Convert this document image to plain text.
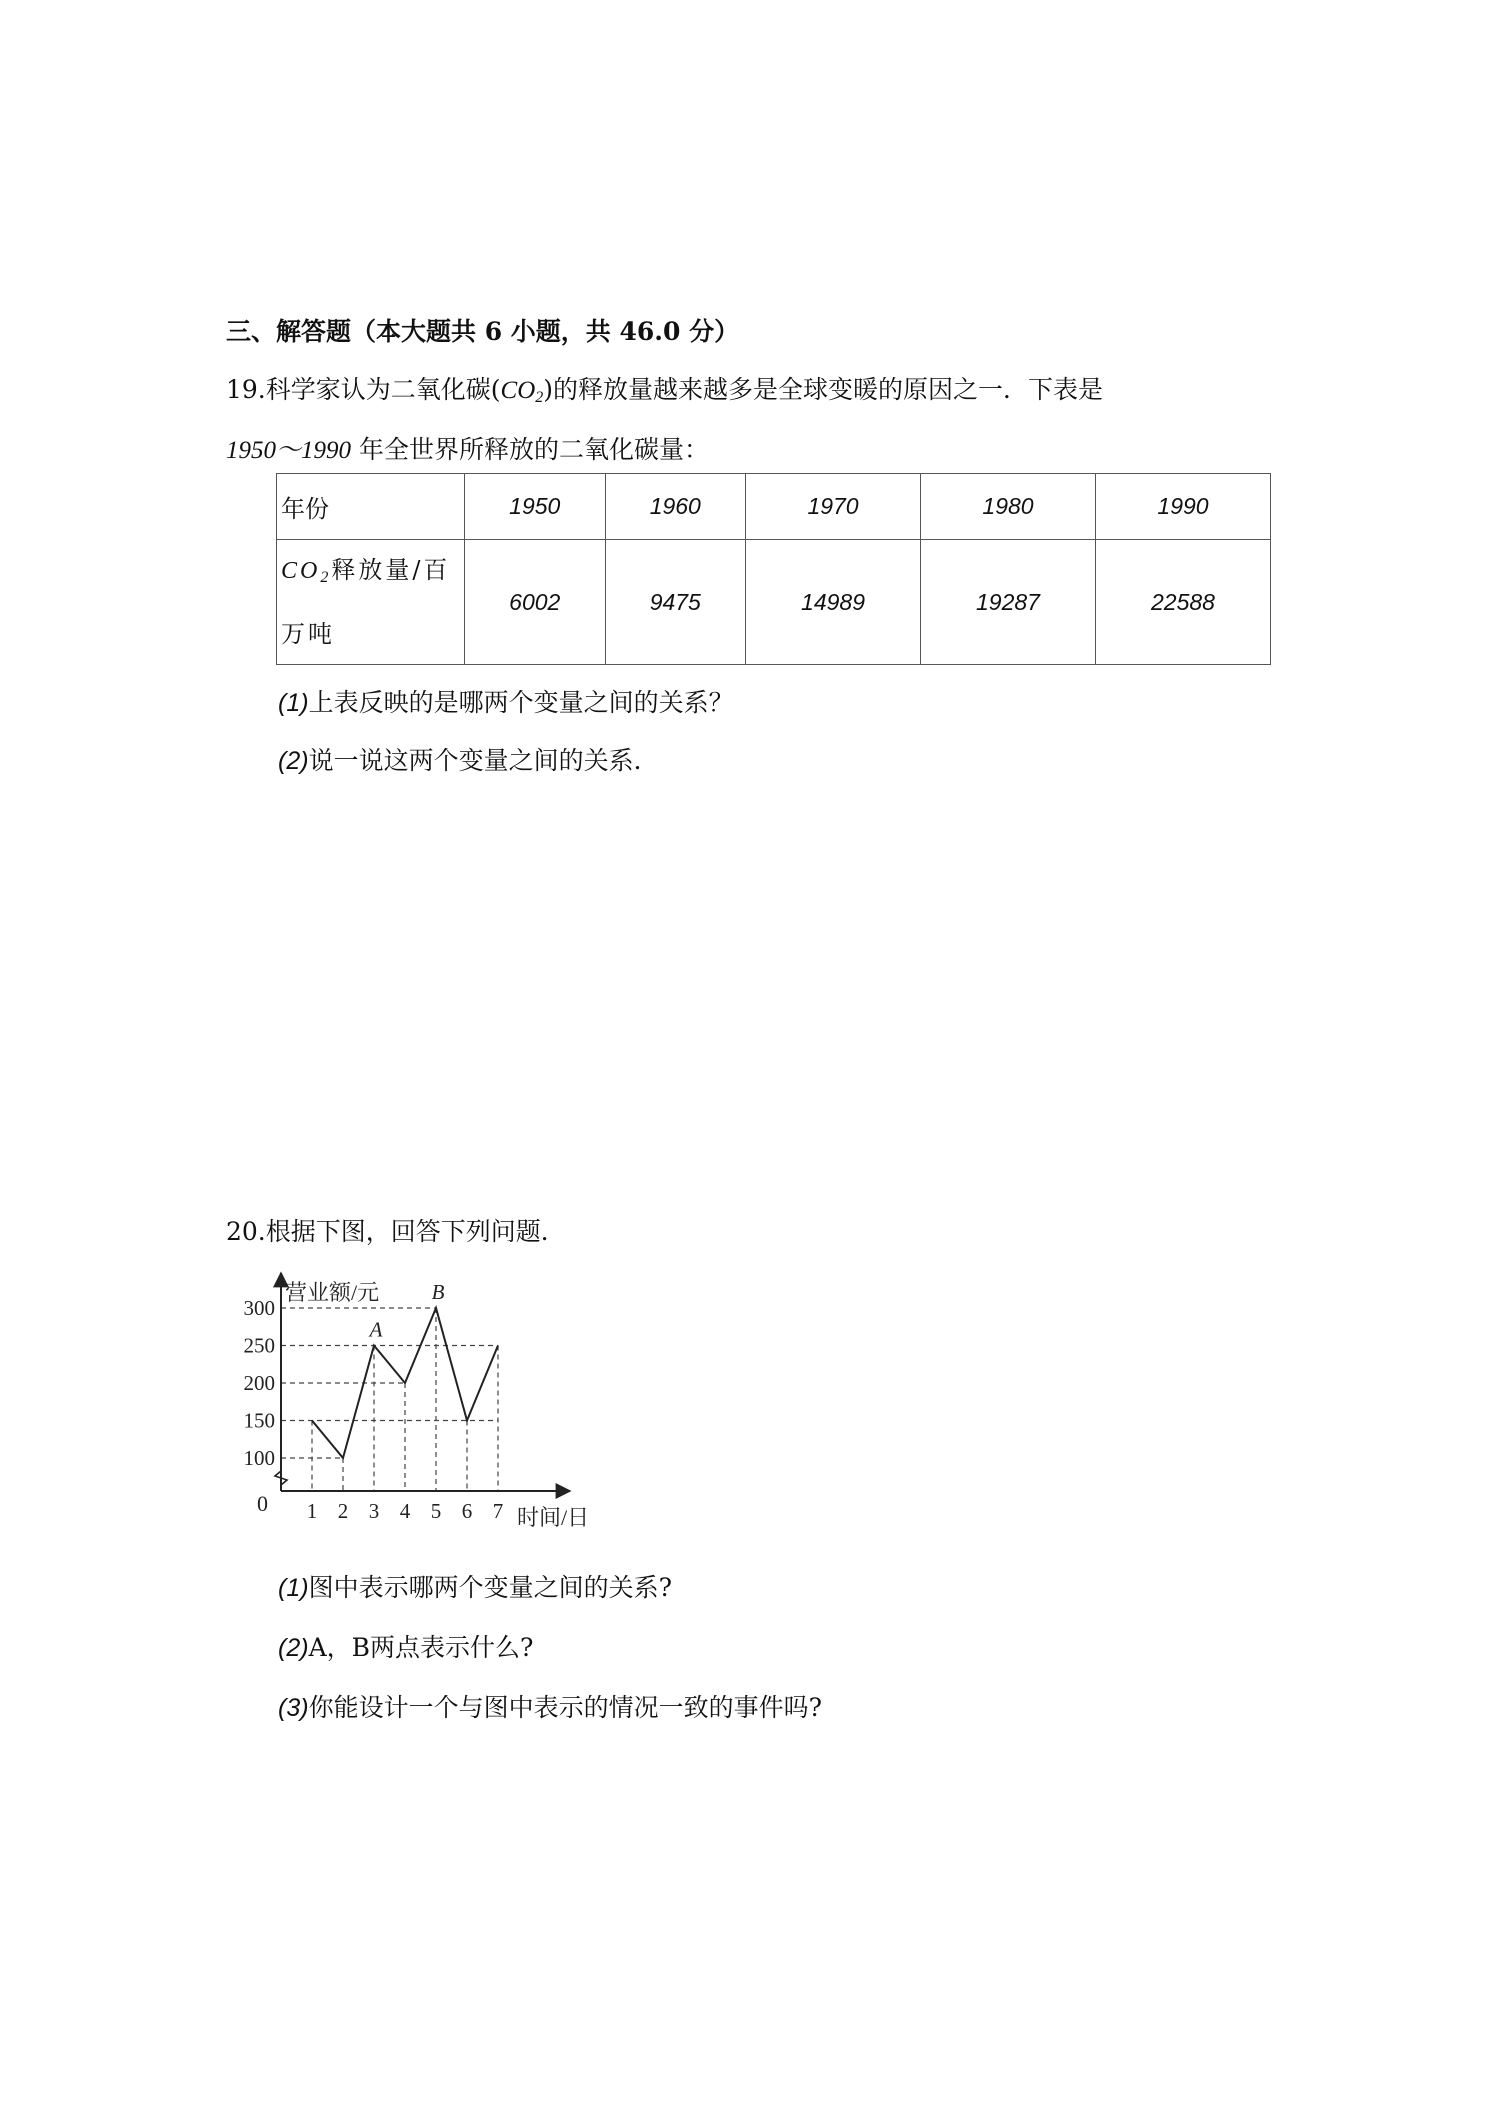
三、解答题（本大题共 6 小题，共 46.0 分）
19.科学家认为二氧化碳$(CO_2)$的释放量越来越多是全球变暖的原因之一．下表是
1950～1990 年全世界所释放的二氧化碳量：
年份	1950	1960	1970	1980	1990
$CO_2$释放量/百万吨	6002	9475	14989	19287	22588
(1)上表反映的是哪两个变量之间的关系？
(2)说一说这两个变量之间的关系．
20.根据下图，回答下列问题．
营业额/元
时间/日
0
100
150
200
250
300
1 2 3 4 5 6 7
A
B
(1)图中表示哪两个变量之间的关系?
(2)A，B两点表示什么?
(3)你能设计一个与图中表示的情况一致的事件吗?
